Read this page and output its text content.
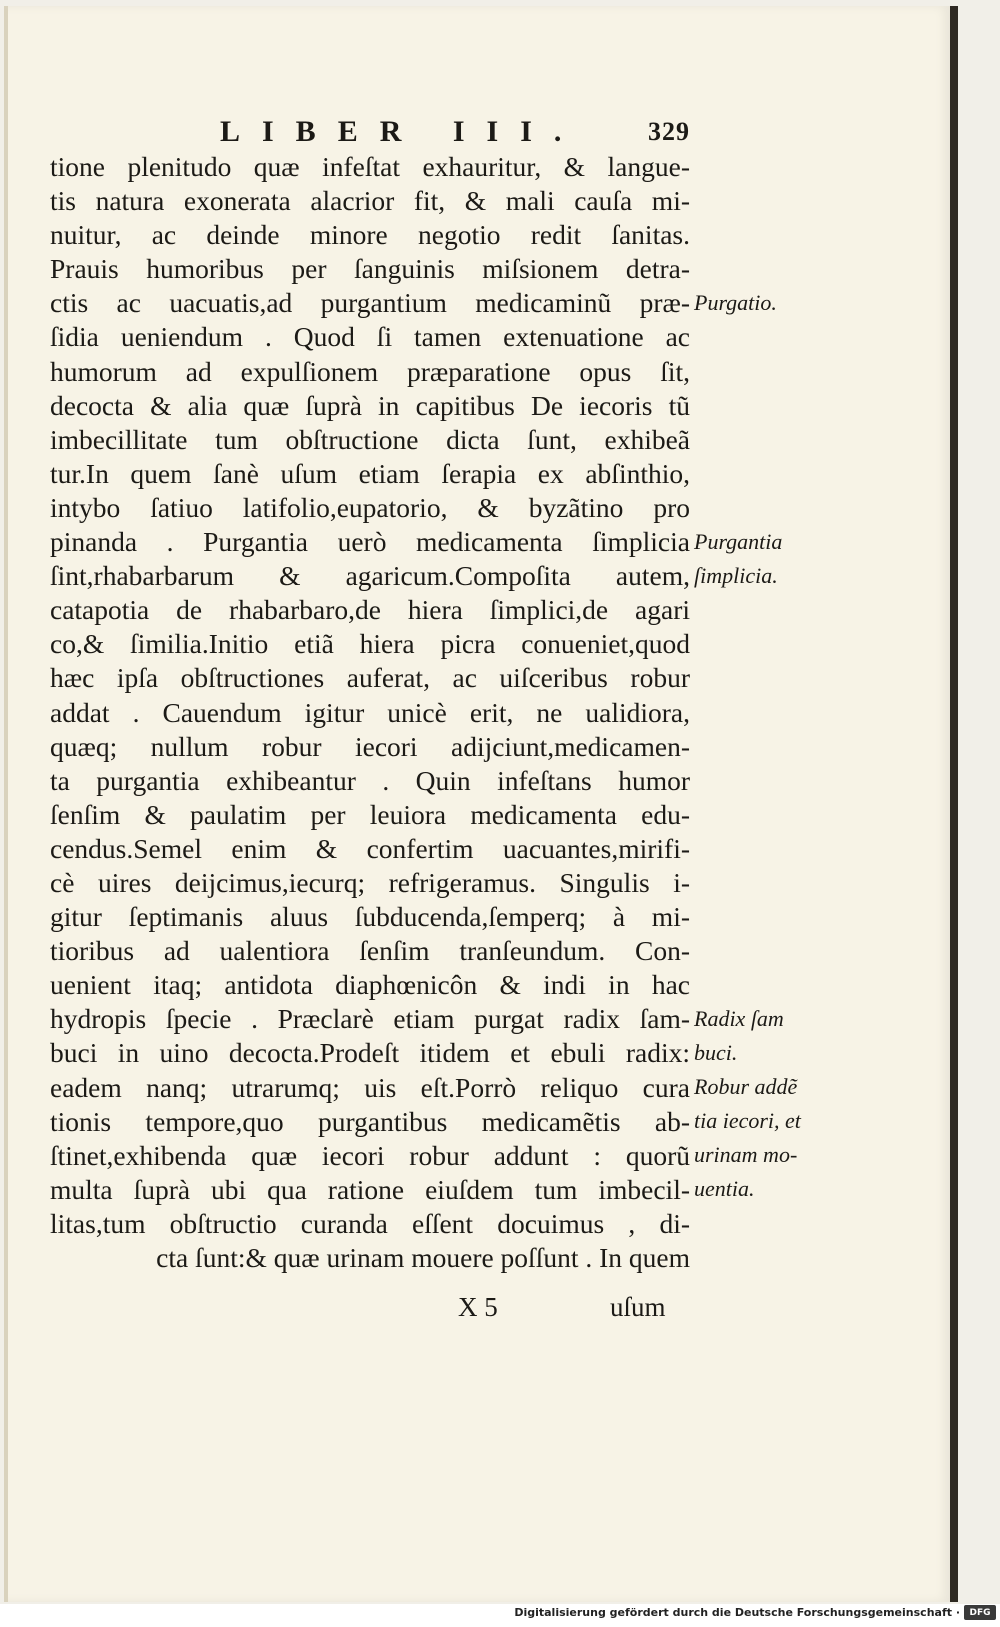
LIBER III. 329
tione plenitudo quæ infeſtat exhauritur, & langue-
tis natura exonerata alacrior fit, & mali cauſa mi-
nuitur, ac deinde minore negotio redit ſanitas.
Prauis humoribus per ſanguinis miſsionem detra-
ctis ac uacuatis,ad purgantium medicaminũ præ-
ſidia ueniendum . Quod ſi tamen extenuatione ac
humorum ad expulſionem præparatione opus ſit,
decocta & alia quæ ſuprà in capitibus De iecoris tũ
imbecillitate tum obſtructione dicta ſunt, exhibeã
tur.In quem ſanè uſum etiam ſerapia ex abſinthio,
intybo ſatiuo latifolio,eupatorio, & byzãtino pro
pinanda . Purgantia uerò medicamenta ſimplicia
ſint,rhabarbarum & agaricum.Compoſita autem,
catapotia de rhabarbaro,de hiera ſimplici,de agari
co,& ſimilia.Initio etiã hiera picra conueniet,quod
hæc ipſa obſtructiones auferat, ac uiſceribus robur
addat . Cauendum igitur unicè erit, ne ualidiora,
quæq; nullum robur iecori adijciunt,medicamen-
ta purgantia exhibeantur . Quin infeſtans humor
ſenſim & paulatim per leuiora medicamenta edu-
cendus.Semel enim & confertim uacuantes,mirifi-
cè uires deijcimus,iecurq; refrigeramus. Singulis i-
gitur ſeptimanis aluus ſubducenda,ſemperq; à mi-
tioribus ad ualentiora ſenſim tranſeundum. Con-
uenient itaq; antidota diaphœnicôn & indi in hac
hydropis ſpecie . Præclarè etiam purgat radix ſam-
buci in uino decocta.Prodeſt itidem et ebuli radix:
eadem nanq; utrarumq; uis eſt.Porrò reliquo cura
tionis tempore,quo purgantibus medicamẽtis ab-
ſtinet,exhibenda quæ iecori robur addunt : quorũ
multa ſuprà ubi qua ratione eiuſdem tum imbecil-
litas,tum obſtructio curanda eſſent docuimus , di-
cta ſunt:& quæ urinam mouere poſſunt . In quem
Purgatio.
Purgantia
ſimplicia.
Radix ſam
buci.
Robur addẽ
tia iecori, et
urinam mo-
uentia.
X 5	uſum
Digitalisierung gefördert durch die Deutsche Forschungsgemeinschaft ·	DFG
